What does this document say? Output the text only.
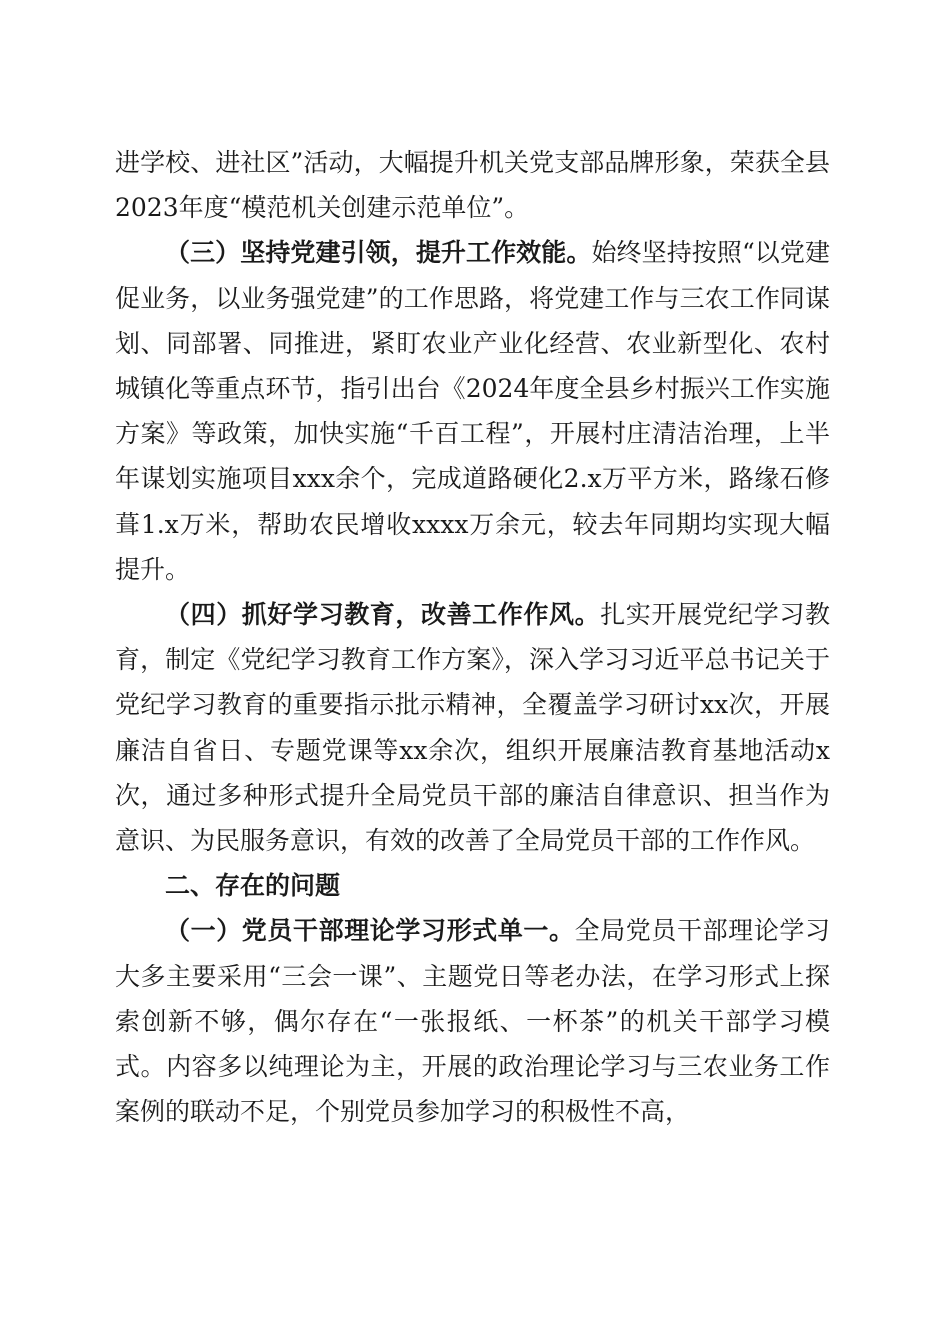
进学校、进社区”活动，大幅提升机关党支部品牌形象，荣获全县2023年度“模范机关创建示范单位”。

（三）坚持党建引领，提升工作效能。始终坚持按照“以党建促业务，以业务强党建”的工作思路，将党建工作与三农工作同谋划、同部署、同推进，紧盯农业产业化经营、农业新型化、农村城镇化等重点环节，指引出台《2024年度全县乡村振兴工作实施方案》等政策，加快实施“千百工程”，开展村庄清洁治理，上半年谋划实施项目xxx余个，完成道路硬化2.x万平方米，路缘石修葺1.x万米，帮助农民增收xxxx万余元，较去年同期均实现大幅提升。

（四）抓好学习教育，改善工作作风。扎实开展党纪学习教育，制定《党纪学习教育工作方案》，深入学习习近平总书记关于党纪学习教育的重要指示批示精神，全覆盖学习研讨xx次，开展廉洁自省日、专题党课等xx余次，组织开展廉洁教育基地活动x次，通过多种形式提升全局党员干部的廉洁自律意识、担当作为意识、为民服务意识，有效的改善了全局党员干部的工作作风。

二、存在的问题

（一）党员干部理论学习形式单一。全局党员干部理论学习大多主要采用“三会一课”、主题党日等老办法，在学习形式上探索创新不够，偶尔存在“一张报纸、一杯茶”的机关干部学习模式。内容多以纯理论为主，开展的政治理论学习与三农业务工作案例的联动不足，个别党员参加学习的积极性不高，
